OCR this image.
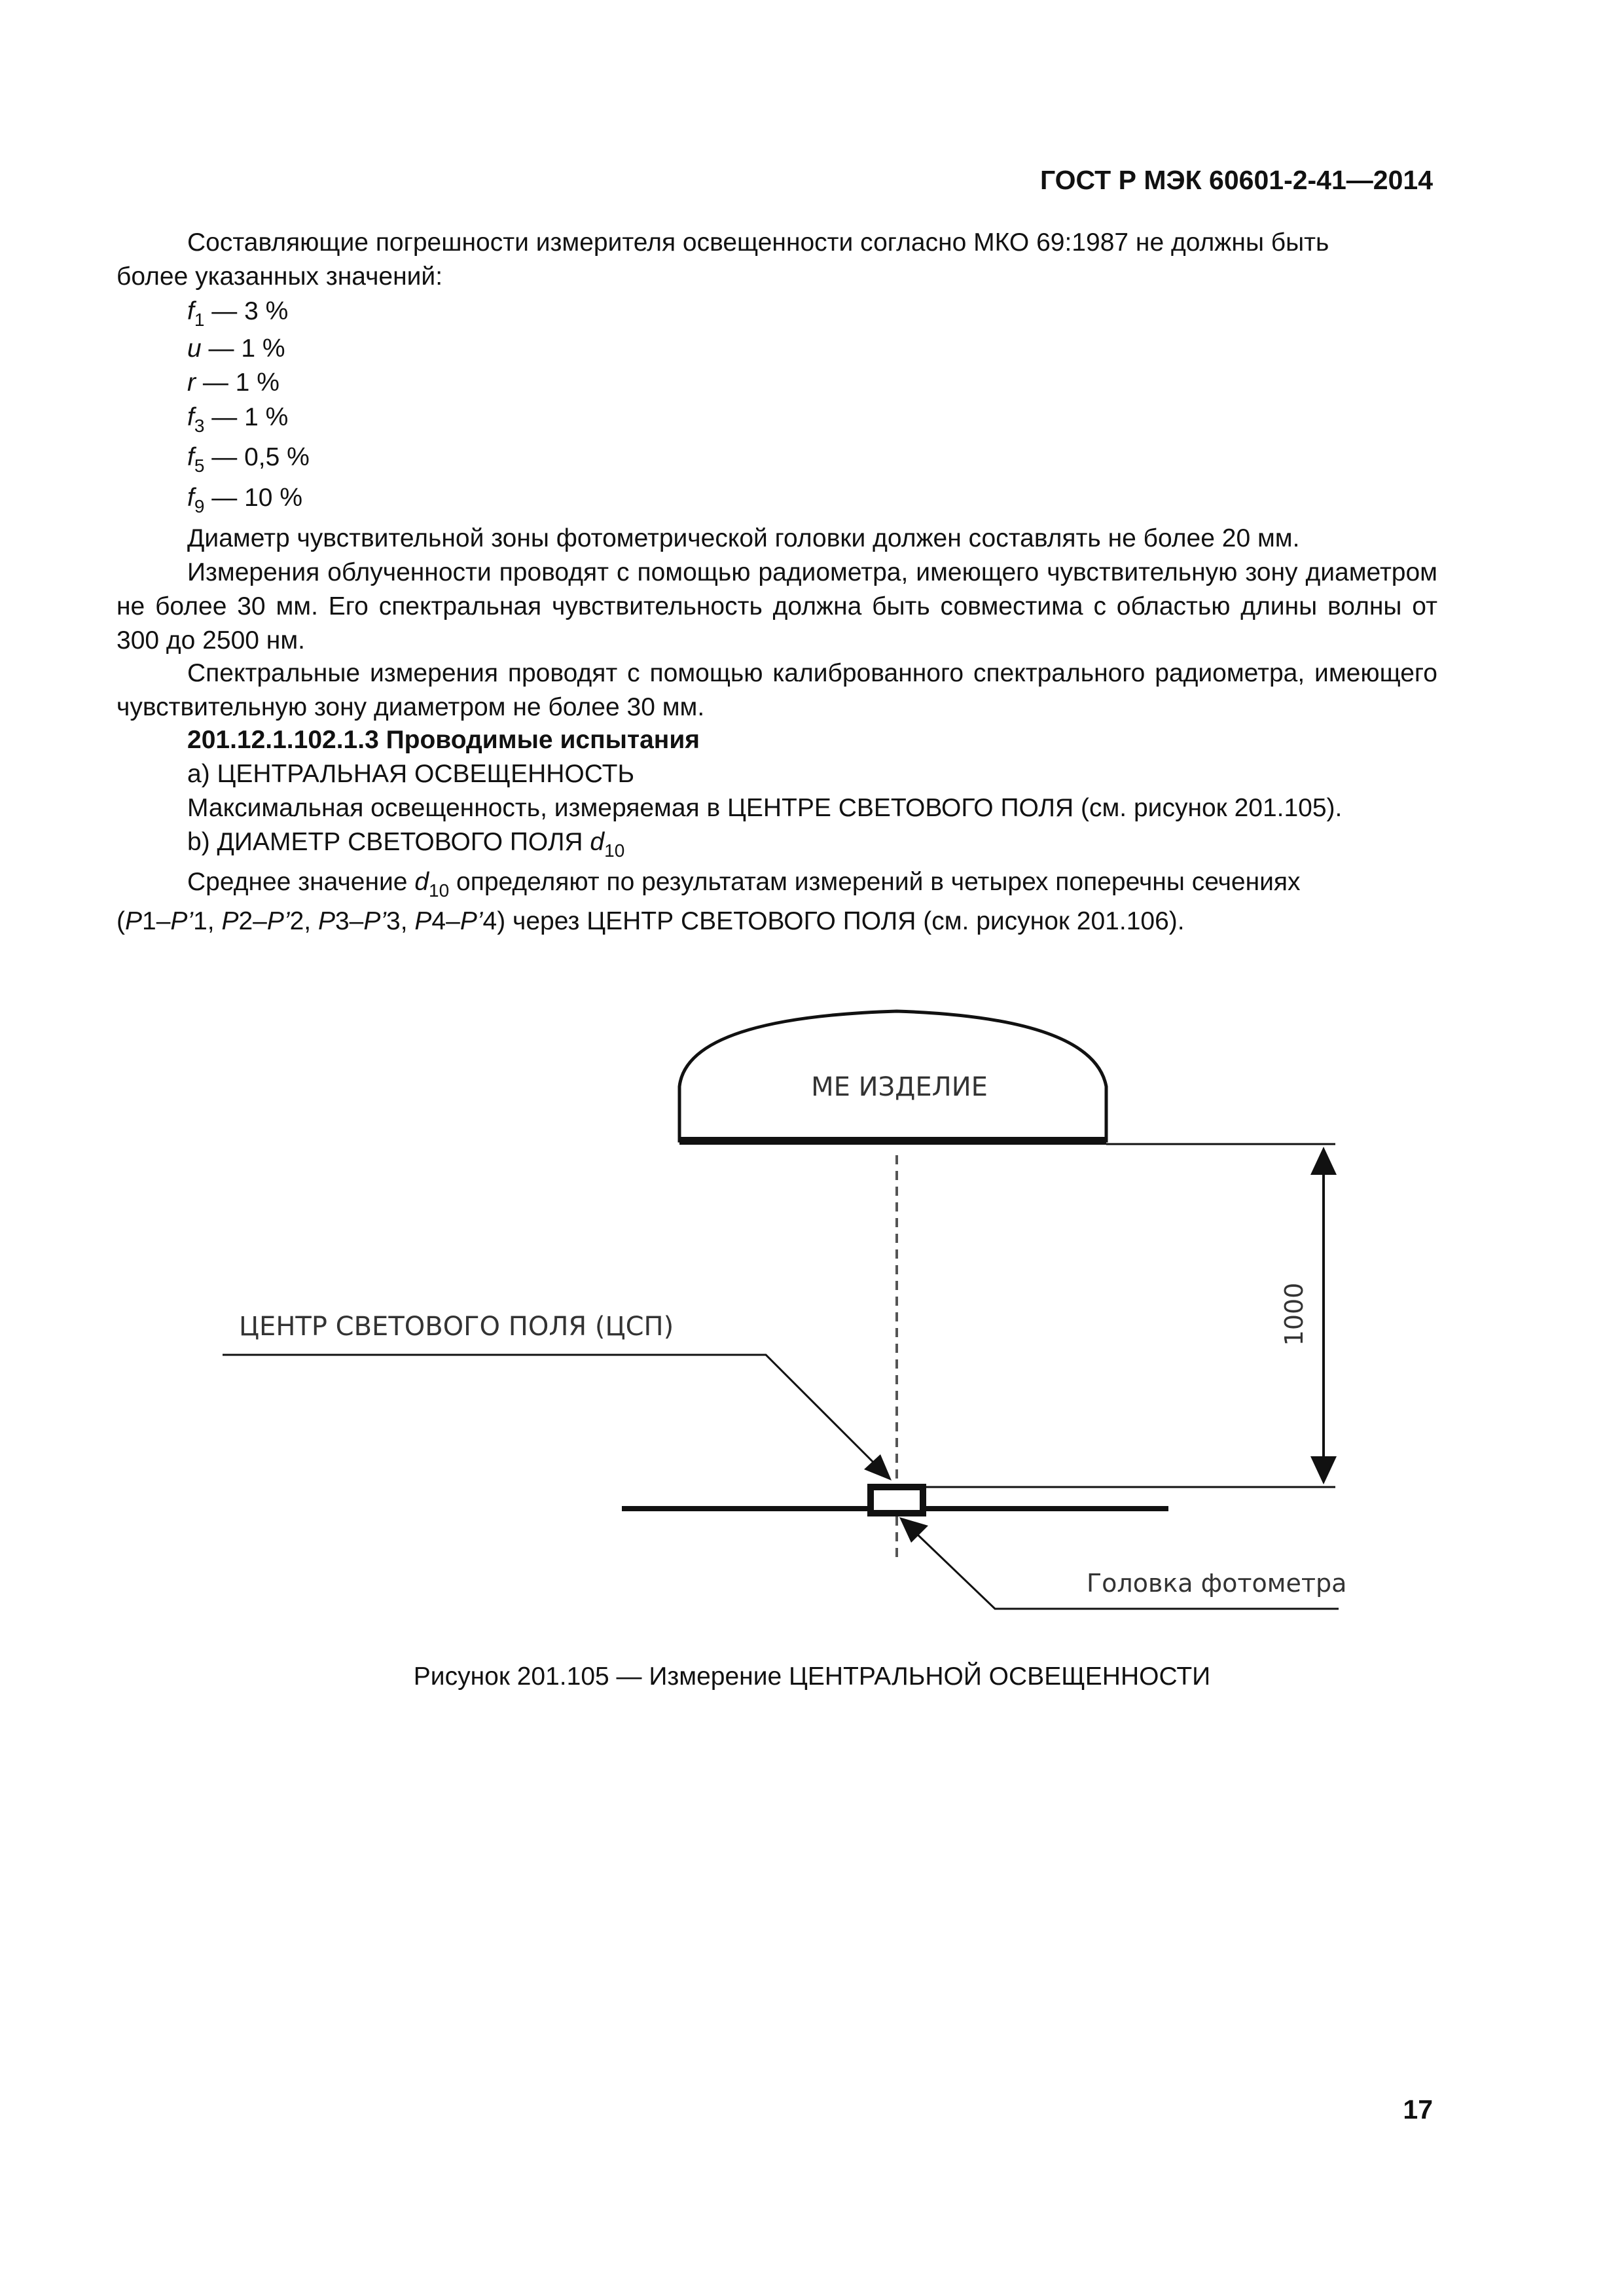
ГОСТ Р МЭК 60601-2-41—2014
Составляющие погрешности измерителя освещенности согласно МКО 69:1987 не должны быть
более указанных значений:
$f_1$ — 3 %
u — 1 %
r — 1 %
$f_3$ — 1 %
$f_5$ — 0,5 %
$f_9$ — 10 %
Диаметр чувствительной зоны фотометрической головки должен составлять не более 20 мм.
Измерения облученности проводят с помощью радиометра, имеющего чувствительную зону диаметром не более 30 мм. Его спектральная чувствительность должна быть совместима с областью длины волны от 300 до 2500 нм.
Спектральные измерения проводят с помощью калиброванного спектрального радиометра, имеющего чувствительную зону диаметром не более 30 мм.
201.12.1.102.1.3 Проводимые испытания
а) ЦЕНТРАЛЬНАЯ ОСВЕЩЕННОСТЬ
Максимальная освещенность, измеряемая в ЦЕНТРЕ СВЕТОВОГО ПОЛЯ (см. рисунок 201.105).
b) ДИАМЕТР СВЕТОВОГО ПОЛЯ $d_{10}$
Среднее значение $d_{10}$ определяют по результатам измерений в четырех поперечны сечениях
(P1–P’1, P2–P’2, P3–P’3, P4–P’4) через ЦЕНТР СВЕТОВОГО ПОЛЯ (см. рисунок 201.106).
МЕ ИЗДЕЛИЕ
1000
ЦЕНТР СВЕТОВОГО ПОЛЯ (ЦСП)
Головка фотометра
Рисунок 201.105 — Измерение ЦЕНТРАЛЬНОЙ ОСВЕЩЕННОСТИ
17
